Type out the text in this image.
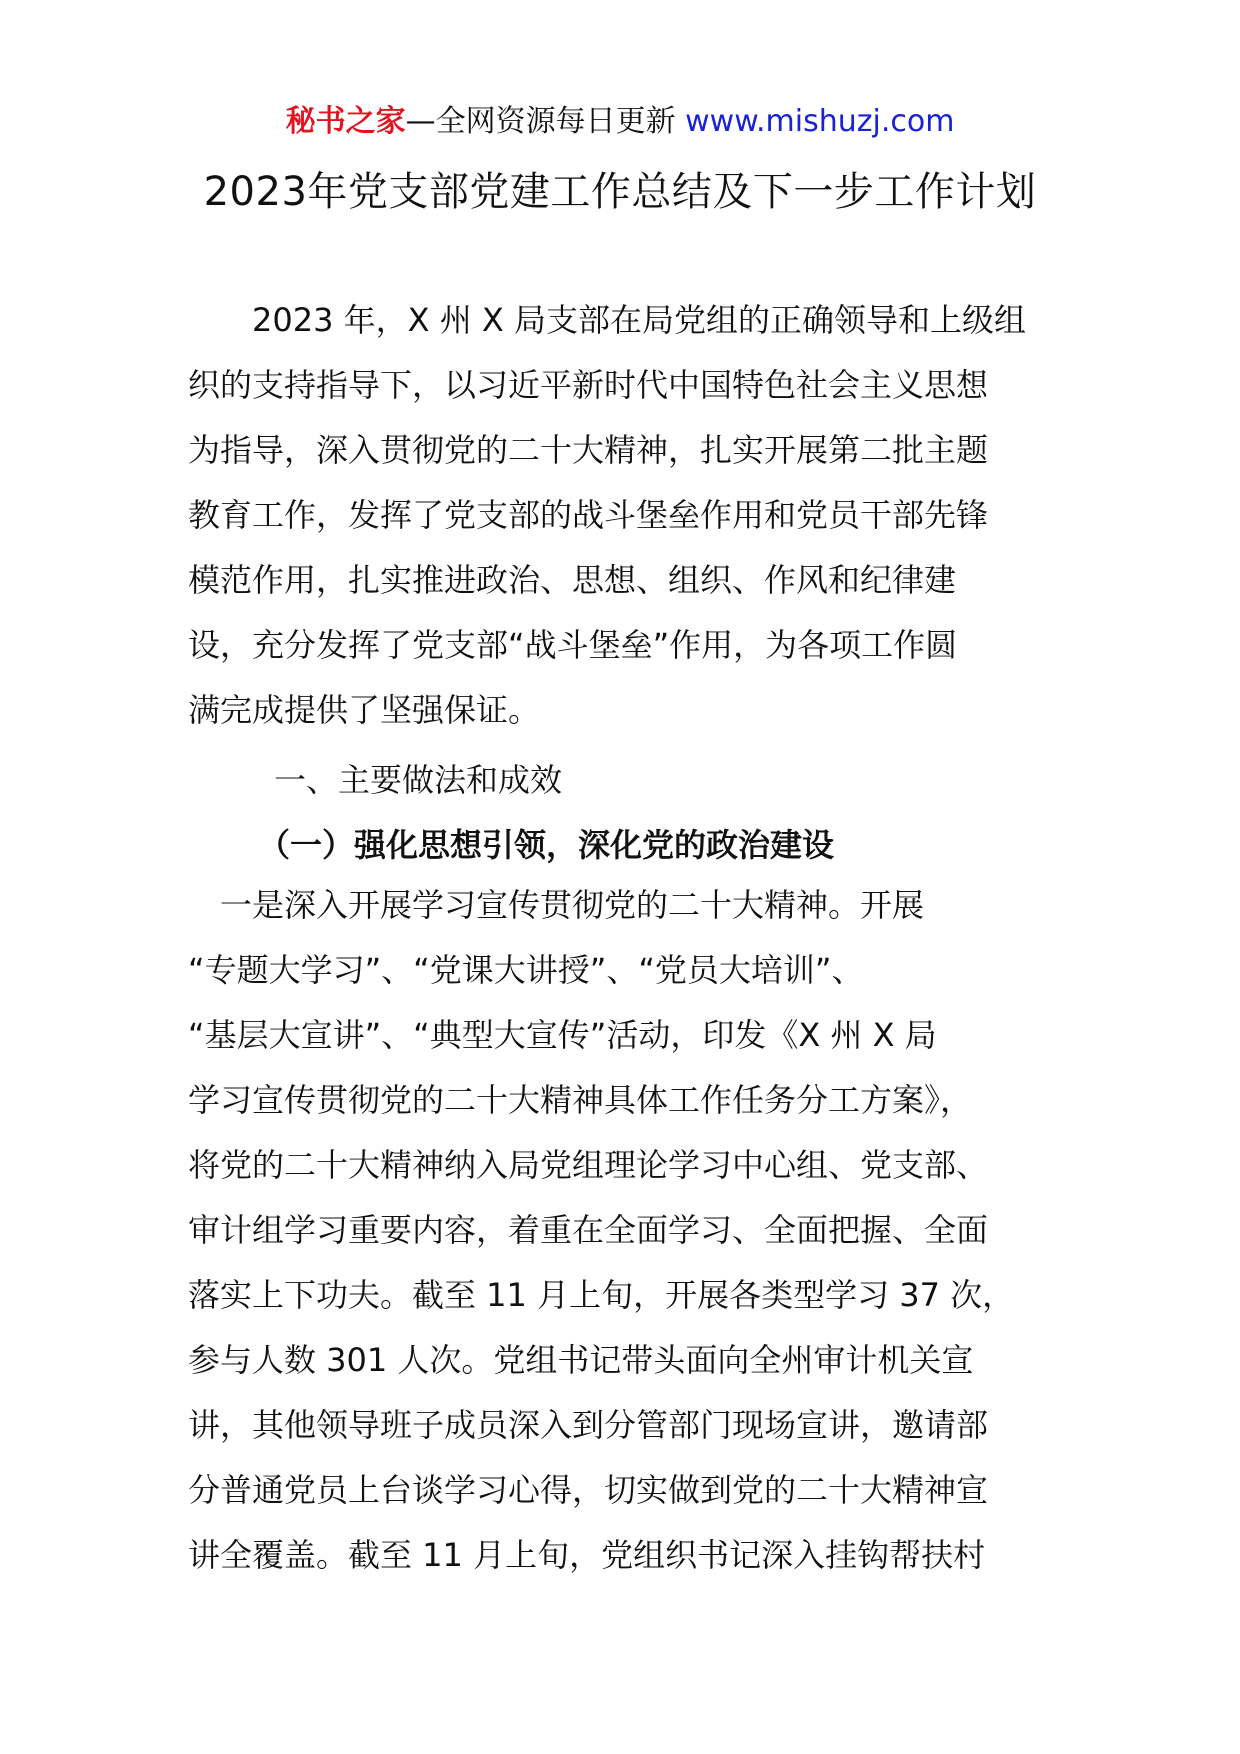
秘书之家—全网资源每日更新 www.mishuzj.com
2023年党支部党建工作总结及下一步工作计划
　　2023 年，X 州 X 局支部在局党组的正确领导和上级组
织的支持指导下，以习近平新时代中国特色社会主义思想
为指导，深入贯彻党的二十大精神，扎实开展第二批主题
教育工作，发挥了党支部的战斗堡垒作用和党员干部先锋
模范作用，扎实推进政治、思想、组织、作风和纪律建
设，充分发挥了党支部“战斗堡垒”作用，为各项工作圆
满完成提供了坚强保证。
一、主要做法和成效
（一）强化思想引领，深化党的政治建设
　一是深入开展学习宣传贯彻党的二十大精神。开展
“专题大学习”、“党课大讲授”、“党员大培训”、
“基层大宣讲”、“典型大宣传”活动，印发《X 州 X 局
学习宣传贯彻党的二十大精神具体工作任务分工方案》，
将党的二十大精神纳入局党组理论学习中心组、党支部、
审计组学习重要内容，着重在全面学习、全面把握、全面
落实上下功夫。截至 11 月上旬，开展各类型学习 37 次，
参与人数 301 人次。党组书记带头面向全州审计机关宣
讲，其他领导班子成员深入到分管部门现场宣讲，邀请部
分普通党员上台谈学习心得，切实做到党的二十大精神宣
讲全覆盖。截至 11 月上旬，党组织书记深入挂钩帮扶村
